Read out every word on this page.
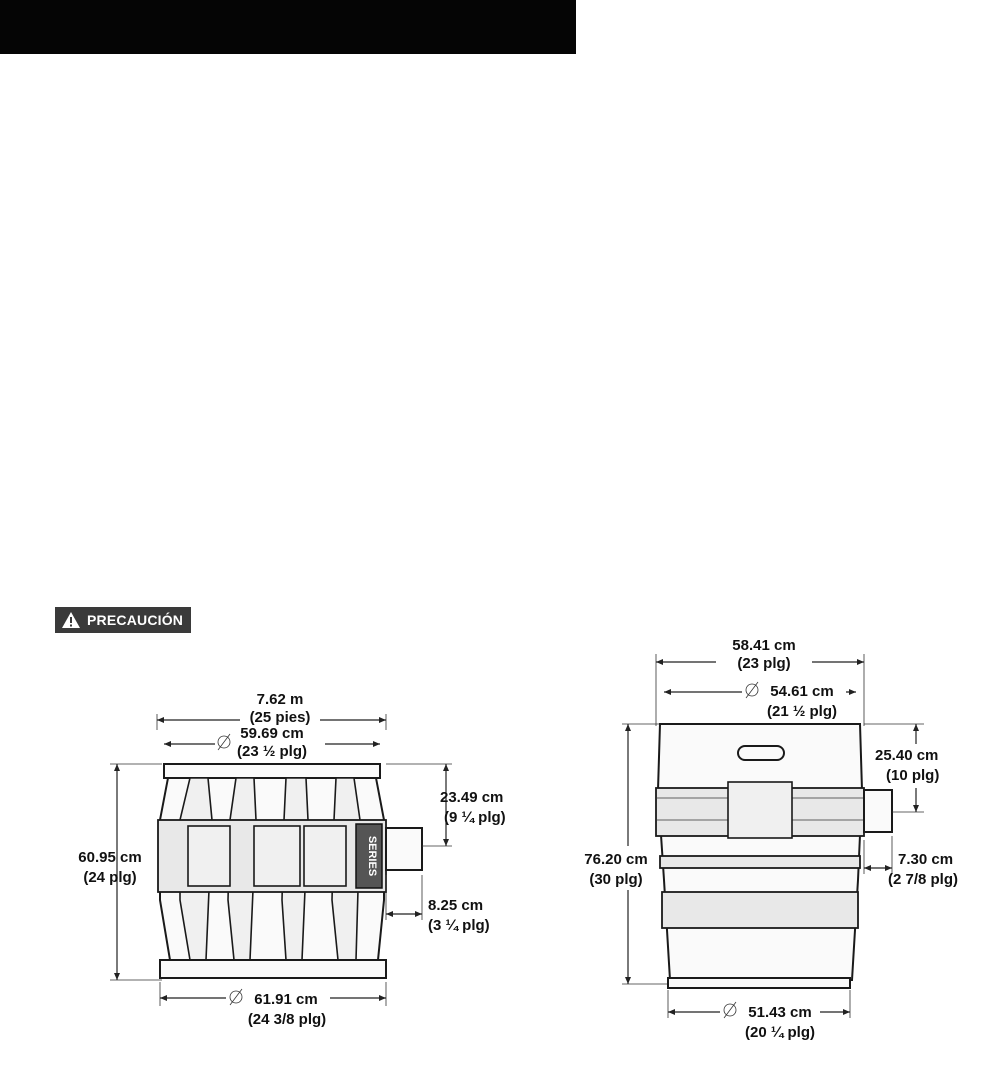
PRECAUCIÓN
7.62 m
(25 pies)
59.69 cm
(23 ½ plg)
60.95 cm
(24 plg)
SERIES
23.49 cm
(9 ¼ plg)
8.25 cm
(3 ¼ plg)
61.91 cm
(24 3/8 plg)
58.41 cm
(23 plg)
54.61 cm
(21 ½ plg)
76.20 cm
(30 plg)
25.40 cm
(10 plg)
7.30 cm
(2 7/8 plg)
51.43 cm
(20 ¼ plg)
